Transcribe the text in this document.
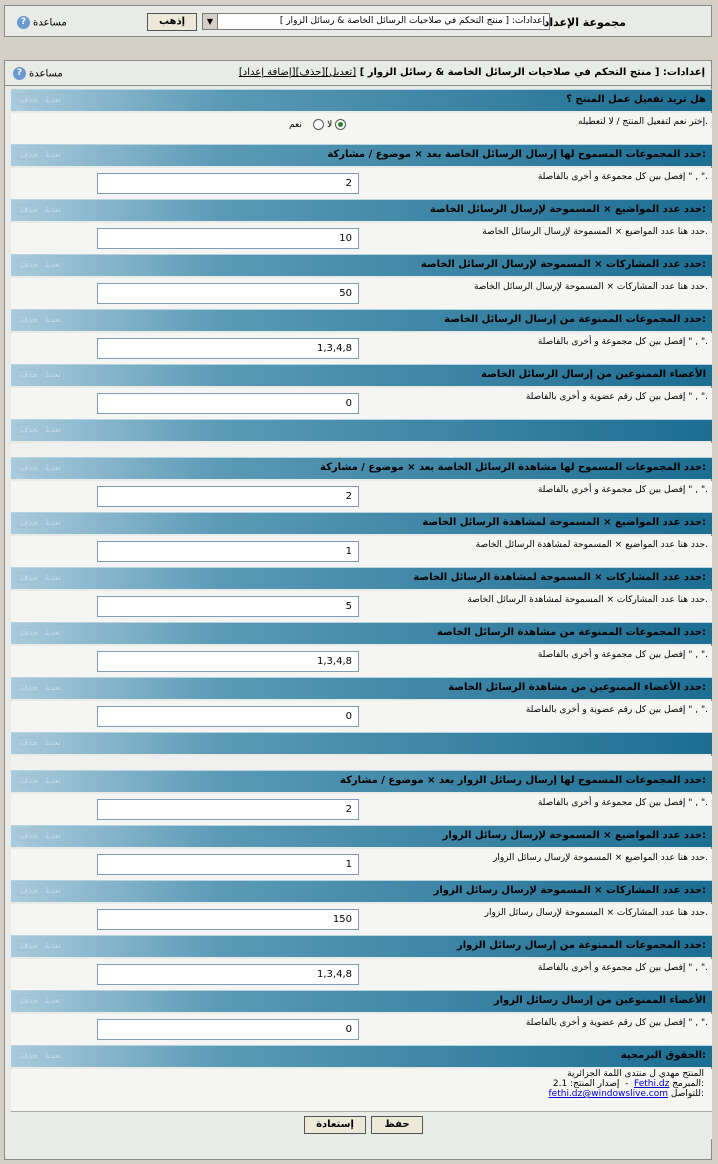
? مساعدة	إذهب	▼	إعدادات: [ منتج التحكم في صلاحيات الرسائل الخاصة & رسائل الزوار ]
مجموعة الإعداد
? مساعدة	[إضافة إعداد][حذف][تعديل] إعدادات: [ منتج التحكم في صلاحيات الرسائل الخاصة & رسائل الزوار ]
تعديلحذف	هل تريد تفعيل عمل المنتج ؟
إختر نعم لتفعيل المنتج / لا لتعطيله.
لا     نعم
تعديلحذف	حدد المجموعات المسموح لها إرسال الرسائل الخاصة بعد × موضوع / مشاركة:
إفصل بين كل مجموعة و أخرى بالفاصلة " , ".
2
تعديلحذف	حدد عدد المواضيع × المسموحة لإرسال الرسائل الخاصة:
حدد هنا عدد المواضيع × المسموحة لإرسال الرسائل الخاصة.
10
تعديلحذف	حدد عدد المشاركات × المسموحة لإرسال الرسائل الخاصة:
حدد هنا عدد المشاركات × المسموحة لإرسال الرسائل الخاصة.
50
تعديلحذف	حدد المجموعات الممنوعة من إرسال الرسائل الخاصة:
إفصل بين كل مجموعة و أخرى بالفاصلة " , ".
1,3,4,8
تعديلحذف	الأعضاء الممنوعين من إرسال الرسائل الخاصة
إفصل بين كل رقم عضوية و أخرى بالفاصلة " , ".
0
تعديلحذف
تعديلحذف	حدد المجموعات المسموح لها مشاهدة الرسائل الخاصة بعد × موضوع / مشاركة:
إفصل بين كل مجموعة و أخرى بالفاصلة " , ".
2
تعديلحذف	حدد عدد المواضيع × المسموحة لمشاهدة الرسائل الخاصة:
حدد هنا عدد المواضيع × المسموحة لمشاهدة الرسائل الخاصة.
1
تعديلحذف	حدد عدد المشاركات × المسموحة لمشاهدة الرسائل الخاصة:
حدد هنا عدد المشاركات × المسموحة لمشاهدة الرسائل الخاصة.
5
تعديلحذف	حدد المجموعات الممنوعة من مشاهدة الرسائل الخاصة:
إفصل بين كل مجموعة و أخرى بالفاصلة " , ".
1,3,4,8
تعديلحذف	حدد الأعضاء الممنوعين من مشاهدة الرسائل الخاصة:
إفصل بين كل رقم عضوية و أخرى بالفاصلة " , ".
0
تعديلحذف
تعديلحذف	حدد المجموعات المسموح لها إرسال رسائل الزوار بعد × موضوع / مشاركة:
إفصل بين كل مجموعة و أخرى بالفاصلة " , ".
2
تعديلحذف	حدد عدد المواضيع × المسموحة لإرسال رسائل الزوار:
حدد هنا عدد المواضيع × المسموحة لإرسال رسائل الزوار.
1
تعديلحذف	حدد عدد المشاركات × المسموحة لإرسال رسائل الزوار:
حدد هنا عدد المشاركات × المسموحة لإرسال رسائل الزوار.
150
تعديلحذف	حدد المجموعات الممنوعة من إرسال رسائل الزوار:
إفصل بين كل مجموعة و أخرى بالفاصلة " , ".
1,3,4,8
تعديلحذف	الأعضاء الممنوعين من إرسال رسائل الزوار
إفصل بين كل رقم عضوية و أخرى بالفاصلة " , ".
0
تعديلحذف	الحقوق البرمجية:
المنتج مهدي ل منتدى اللمة الجزائرية
إصدار المنتج: 2.1  -  Fethi.dz المبرمج:
fethi.dz@windowslive.com للتواصل:
إستعادة	حفظ
